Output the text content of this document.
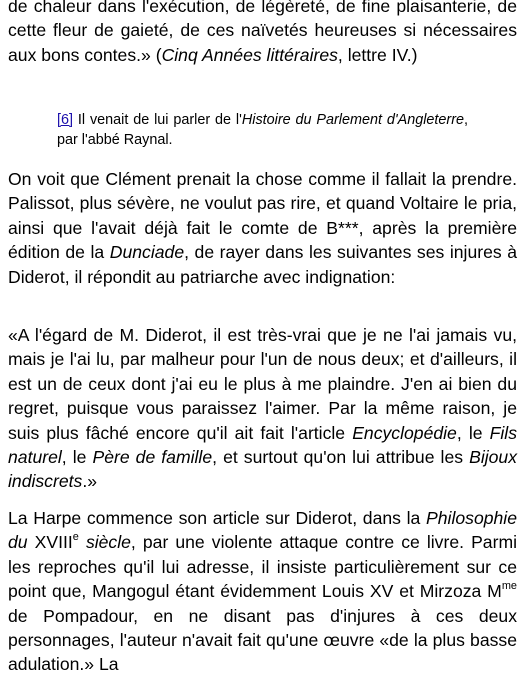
de chaleur dans l'exécution, de légèreté, de fine plaisanterie, de cette fleur de gaieté, de ces naïvetés heureuses si nécessaires aux bons contes.» (Cinq Années littéraires, lettre IV.)

[6] Il venait de lui parler de l'Histoire du Parlement d'Angleterre, par l'abbé Raynal.

On voit que Clément prenait la chose comme il fallait la prendre. Palissot, plus sévère, ne voulut pas rire, et quand Voltaire le pria, ainsi que l'avait déjà fait le comte de B***, après la première édition de la Dunciade, de rayer dans les suivantes ses injures à Diderot, il répondit au patriarche avec indignation:

«A l'égard de M. Diderot, il est très-vrai que je ne l'ai jamais vu, mais je l'ai lu, par malheur pour l'un de nous deux; et d'ailleurs, il est un de ceux dont j'ai eu le plus à me plaindre. J'en ai bien du regret, puisque vous paraissez l'aimer. Par la même raison, je suis plus fâché encore qu'il ait fait l'article Encyclopédie, le Fils naturel, le Père de famille, et surtout qu'on lui attribue les Bijoux indiscrets.»

La Harpe commence son article sur Diderot, dans la Philosophie du XVIIIe siècle, par une violente attaque contre ce livre. Parmi les reproches qu'il lui adresse, il insiste particulièrement sur ce point que, Mangogul étant évidemment Louis XV et Mirzoza $M^{me}$ de Pompadour, en ne disant pas d'injures à ces deux personnages, l'auteur n'avait fait qu'une œuvre «de la plus basse adulation.» La
